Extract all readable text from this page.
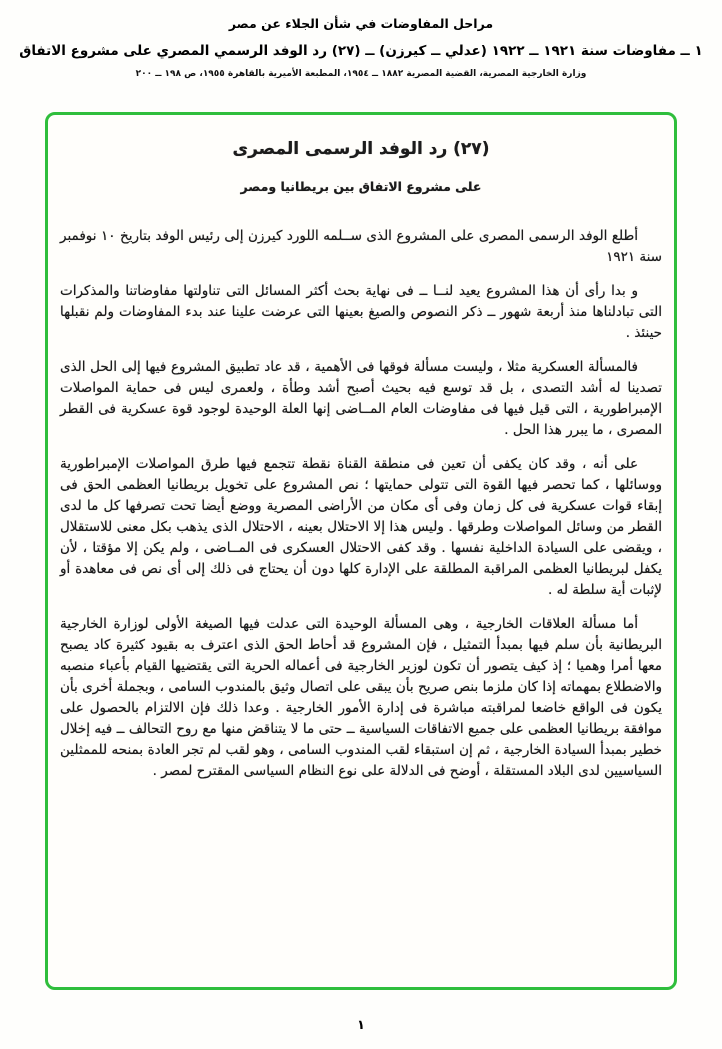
مراحل المفاوضات في شأن الجلاء عن مصر
١ ــ مفاوضات سنة ١٩٢١ ــ ١٩٢٢ (عدلي ــ كيرزن) ــ (٢٧) رد الوفد الرسمي المصري على مشروع الاتفاق
وزارة الخارجية المصرية، القضية المصرية ١٨٨٢ ــ ١٩٥٤، المطبعة الأميرية بالقاهرة ١٩٥٥، ص ١٩٨ ــ ٢٠٠
(٢٧) رد الوفد الرسمى المصرى
على مشروع الاتفاق بين بريطانيا ومصر

أطلع الوفد الرسمى المصرى على المشروع الذى ســلمه اللورد كيرزن إلى رئيس الوفد بتاريخ ١٠ نوفمبر سنة ١٩٢١

و بدا رأى أن هذا المشروع يعيد لنــا ــ فى نهاية بحث أكثر المسائل التى تناولتها مفاوضاتنا والمذكرات التى تبادلناها منذ أربعة شهور ــ ذكر النصوص والصيغ بعينها التى عرضت علينا عند بدء المفاوضات ولم نقبلها حينئذ .

فالمسألة العسكرية مثلا ، وليست مسألة فوقها فى الأهمية ، قد عاد تطبيق المشروع فيها إلى الحل الذى تصدينا له أشد التصدى ، بل قد توسع فيه بحيث أصبح أشد وطأة ، ولعمرى ليس فى حماية المواصلات الإمبراطورية ، التى قيل فيها فى مفاوضات العام المــاضى إنها العلة الوحيدة لوجود قوة عسكرية فى القطر المصرى ، ما يبرر هذا الحل .

على أنه ، وقد كان يكفى أن تعين فى منطقة القناة نقطة تتجمع فيها طرق المواصلات الإمبراطورية ووسائلها ، كما تحصر فيها القوة التى تتولى حمايتها ؛ نص المشروع على تخويل بريطانيا العظمى الحق فى إبقاء قوات عسكرية فى كل زمان وفى أى مكان من الأراضى المصرية ووضع أيضا تحت تصرفها كل ما لدى القطر من وسائل المواصلات وطرقها . وليس هذا إلا الاحتلال بعينه ، الاحتلال الذى يذهب بكل معنى للاستقلال ، ويقضى على السيادة الداخلية نفسها . وقد كفى الاحتلال العسكرى فى المــاضى ، ولم يكن إلا مؤقتا ، لأن يكفل لبريطانيا العظمى المراقبة المطلقة على الإدارة كلها دون أن يحتاج فى ذلك إلى أى نص فى معاهدة أو لإثبات أية سلطة له .

أما مسألة العلاقات الخارجية ، وهى المسألة الوحيدة التى عدلت فيها الصيغة الأولى لوزارة الخارجية البريطانية بأن سلم فيها بمبدأ التمثيل ، فإن المشروع قد أحاط الحق الذى اعترف به بقيود كثيرة كاد يصبح معها أمرا وهميا ؛ إذ كيف يتصور أن تكون لوزير الخارجية فى أعماله الحرية التى يقتضيها القيام بأعباء منصبه والاضطلاع بمهماته إذا كان ملزما بنص صريح بأن يبقى على اتصال وثيق بالمندوب السامى ، وبجملة أخرى بأن يكون فى الواقع خاضعا لمراقبته مباشرة فى إدارة الأمور الخارجية . وعدا ذلك فإن الالتزام بالحصول على موافقة بريطانيا العظمى على جميع الاتفاقات السياسية ــ حتى ما لا يتناقض منها مع روح التحالف ــ فيه إخلال خطير بمبدأ السيادة الخارجية ، ثم إن استبقاء لقب المندوب السامى ، وهو لقب لم تجر العادة بمنحه للممثلين السياسيين لدى البلاد المستقلة ، أوضح فى الدلالة على نوع النظام السياسى المقترح لمصر .

١
